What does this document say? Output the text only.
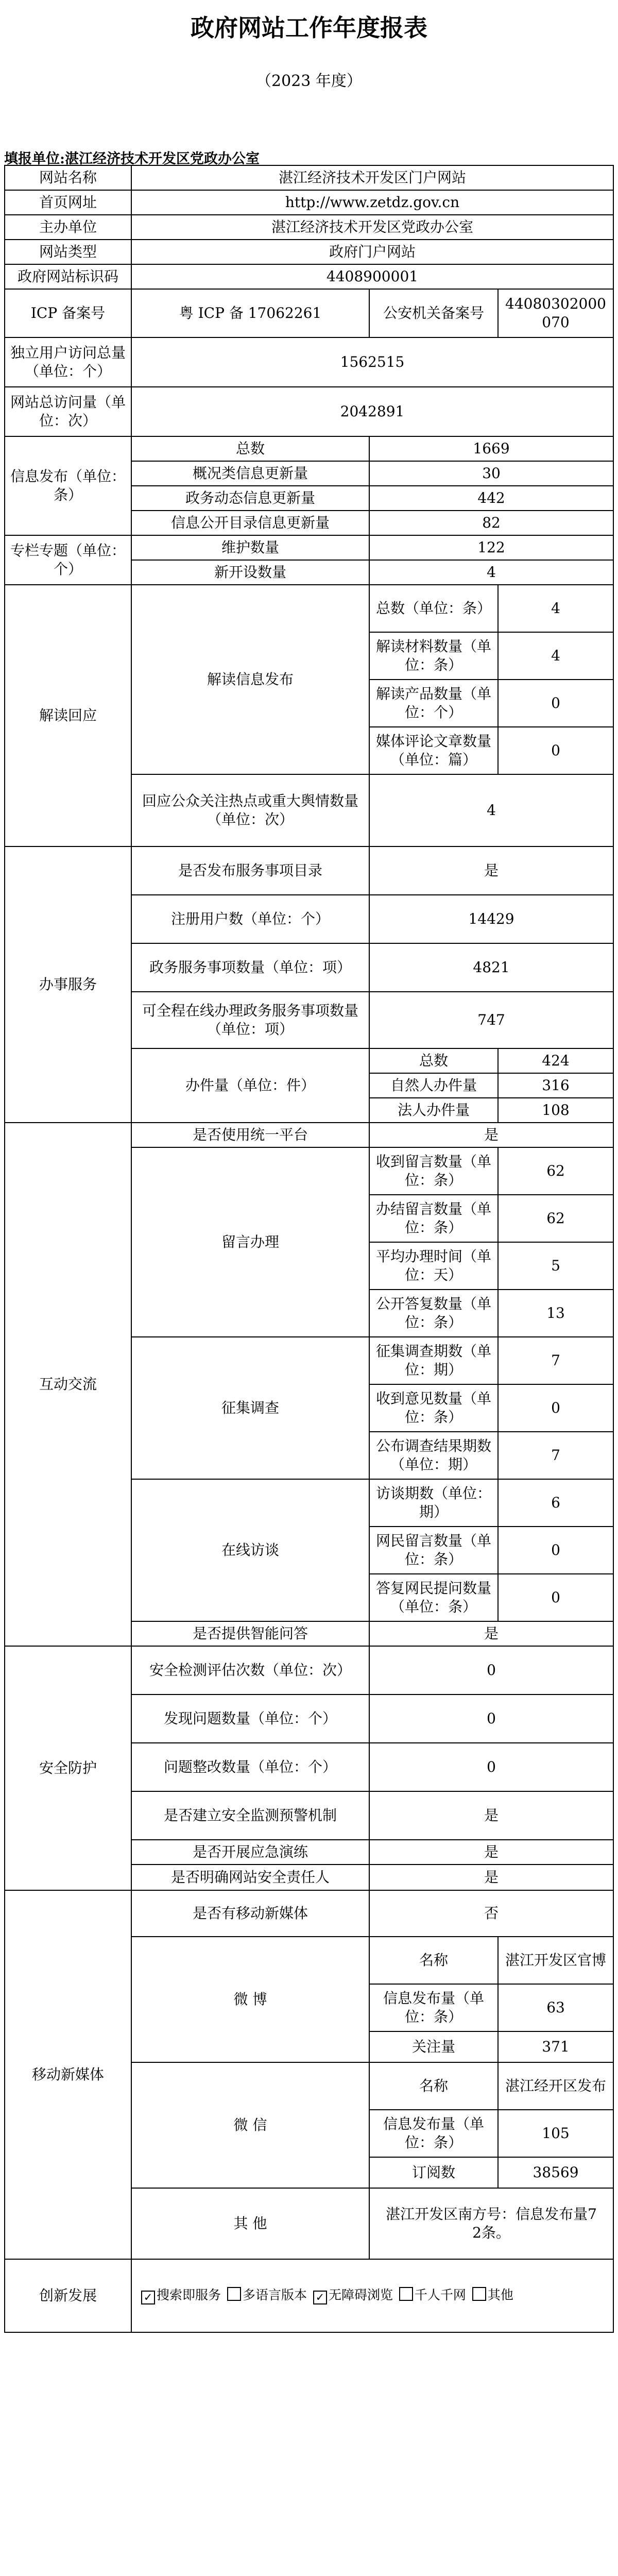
政府网站工作年度报表
（2023 年度）
填报单位:湛江经济技术开发区党政办公室
网站名称	湛江经济技术开发区门户网站		
首页网址	http://www.zetdz.gov.cn		
主办单位	湛江经济技术开发区党政办公室		
网站类型	政府门户网站		
政府网站标识码	4408900001		
ICP 备案号	粤 ICP 备 17062261	公安机关备案号	44080302000070
独立用户访问总量（单位：个）	1562515		
网站总访问量（单位：次）	2042891		
信息发布（单位：条）	总数	1669	
	概况类信息更新量	30	
	政务动态信息更新量	442	
	信息公开目录信息更新量	82	
专栏专题（单位：个）	维护数量	122	
	新开设数量	4	
解读回应	解读信息发布	总数（单位：条）	4
		解读材料数量（单位：条）	4
		解读产品数量（单位：个）	0
		媒体评论文章数量（单位：篇）	0
	回应公众关注热点或重大舆情数量（单位：次）	4	
办事服务	是否发布服务事项目录	是	
	注册用户数（单位：个）	14429	
	政务服务事项数量（单位：项）	4821	
	可全程在线办理政务服务事项数量（单位：项）	747	
	办件量（单位：件）	总数	424
		自然人办件量	316
		法人办件量	108
互动交流	是否使用统一平台	是	
	留言办理	收到留言数量（单位：条）	62
		办结留言数量（单位：条）	62
		平均办理时间（单位：天）	5
		公开答复数量（单位：条）	13
	征集调查	征集调查期数（单位：期）	7
		收到意见数量（单位：条）	0
		公布调查结果期数（单位：期）	7
	在线访谈	访谈期数（单位：期）	6
		网民留言数量（单位：条）	0
		答复网民提问数量（单位：条）	0
	是否提供智能问答	是	
安全防护	安全检测评估次数（单位：次）	0	
	发现问题数量（单位：个）	0	
	问题整改数量（单位：个）	0	
	是否建立安全监测预警机制	是	
	是否开展应急演练	是	
	是否明确网站安全责任人	是	
移动新媒体	是否有移动新媒体	否	
	微 博	名称	湛江开发区官博
		信息发布量（单位：条）	63
		关注量	371
	微 信	名称	湛江经开区发布
		信息发布量（单位：条）	105
		订阅数	38569
	其 他	湛江开发区南方号：信息发布量72条。	
创新发展	✓ 搜索即服务 多语言版本 ✓ 无障碍浏览 千人千网 其他		
